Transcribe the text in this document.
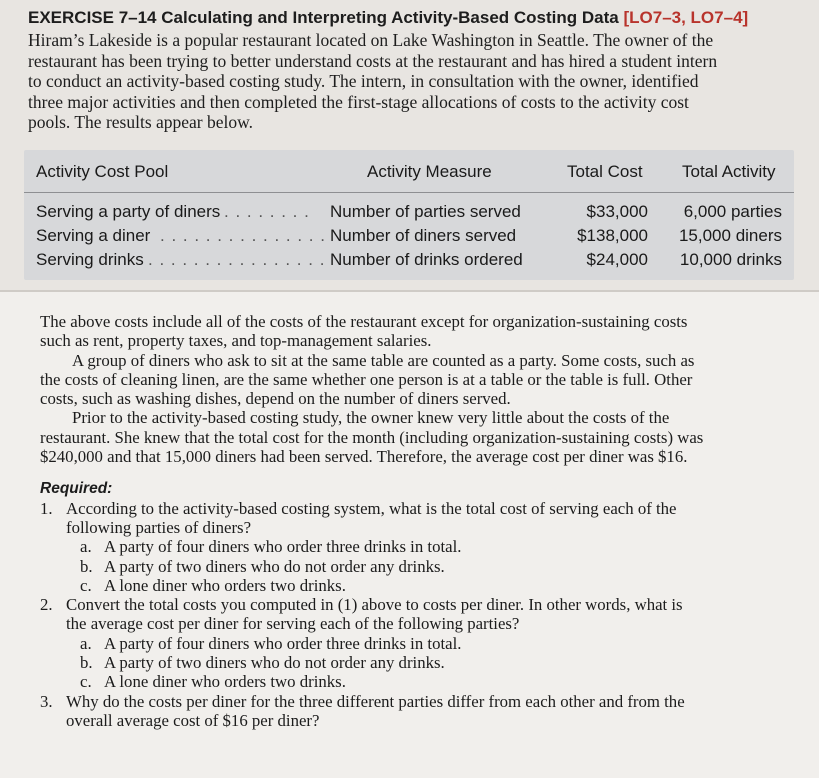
EXERCISE 7–14 Calculating and Interpreting Activity-Based Costing Data [LO7–3, LO7–4]

Hiram’s Lakeside is a popular restaurant located on Lake Washington in Seattle. The owner of the

restaurant has been trying to better understand costs at the restaurant and has hired a student intern

to conduct an activity-based costing study. The intern, in consultation with the owner, identified

three major activities and then completed the first-stage allocations of costs to the activity cost

pools. The results appear below.

Activity Cost Pool	Activity Measure	Total Cost Total Activity
Serving a party of diners . . . . . . . . Number of parties served	$33,000 6,000 parties
Serving a diner . . . . . . . . . . . . . . . Number of diners served	$138,000 15,000 diners
Serving drinks . . . . . . . . . . . . . . . . Number of drinks ordered	$24,000 10,000 drinks

The above costs include all of the costs of the restaurant except for organization-sustaining costs

such as rent, property taxes, and top-management salaries.

A group of diners who ask to sit at the same table are counted as a party. Some costs, such as

the costs of cleaning linen, are the same whether one person is at a table or the table is full. Other

costs, such as washing dishes, depend on the number of diners served.

Prior to the activity-based costing study, the owner knew very little about the costs of the

restaurant. She knew that the total cost for the month (including organization-sustaining costs) was

$240,000 and that 15,000 diners had been served. Therefore, the average cost per diner was $16.

Required:

1. According to the activity-based costing system, what is the total cost of serving each of the

following parties of diners?

a. A party of four diners who order three drinks in total.

b. A party of two diners who do not order any drinks.

c. A lone diner who orders two drinks.

2. Convert the total costs you computed in (1) above to costs per diner. In other words, what is

the average cost per diner for serving each of the following parties?

a. A party of four diners who order three drinks in total.

b. A party of two diners who do not order any drinks.

c. A lone diner who orders two drinks.

3. Why do the costs per diner for the three different parties differ from each other and from the

overall average cost of $16 per diner?
